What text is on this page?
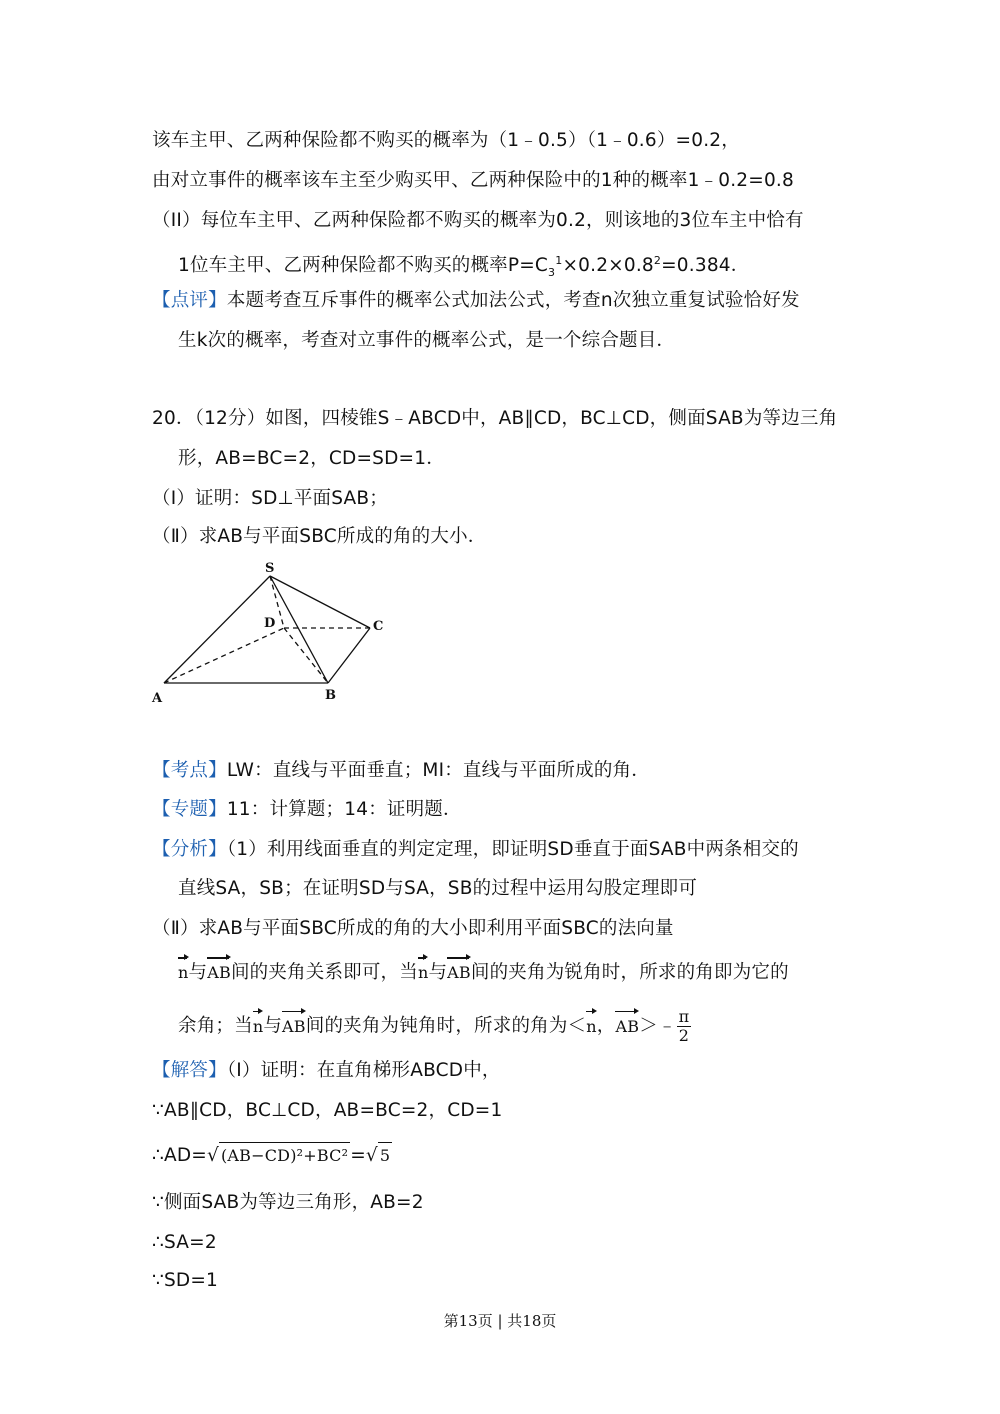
该车主甲、乙两种保险都不购买的概率为（1﹣0.5）（1﹣0.6）=0.2，
由对立事件的概率该车主至少购买甲、乙两种保险中的1种的概率1﹣0.2=0.8
（II）每位车主甲、乙两种保险都不购买的概率为0.2，则该地的3位车主中恰有
1位车主甲、乙两种保险都不购买的概率$P=C_3^1\times 0.2\times 0.8^2=0.384$．
【点评】本题考查互斥事件的概率公式加法公式，考查n次独立重复试验恰好发
生k次的概率，考查对立事件的概率公式，是一个综合题目．
20．（12分）如图，四棱锥S﹣ABCD中，AB∥CD，BC⊥CD，侧面SAB为等边三角
形，AB=BC=2，CD=SD=1．
（Ⅰ）证明：SD⊥平面SAB；
（Ⅱ）求AB与平面SBC所成的角的大小．
S
D	C
A	B
【考点】LW：直线与平面垂直；MI：直线与平面所成的角．
【专题】11：计算题；14：证明题．
【分析】（1）利用线面垂直的判定定理，即证明SD垂直于面SAB中两条相交的
直线SA，SB；在证明SD与SA，SB的过程中运用勾股定理即可
（Ⅱ）求AB与平面SBC所成的角的大小即利用平面SBC的法向量
n与AB间的夹角关系即可，当n与AB间的夹角为锐角时，所求的角即为它的
余角；当n与AB间的夹角为钝角时，所求的角为＜n，AB＞﹣ $\frac{\pi}{2}$
【解答】（Ⅰ）证明：在直角梯形ABCD中，
∵AB∥CD，BC⊥CD，AB=BC=2，CD=1
∴AD=√ (AB−CD)²+BC² =√ 5
∵侧面SAB为等边三角形，AB=2
∴SA=2
∵SD=1
第13页 | 共18页
